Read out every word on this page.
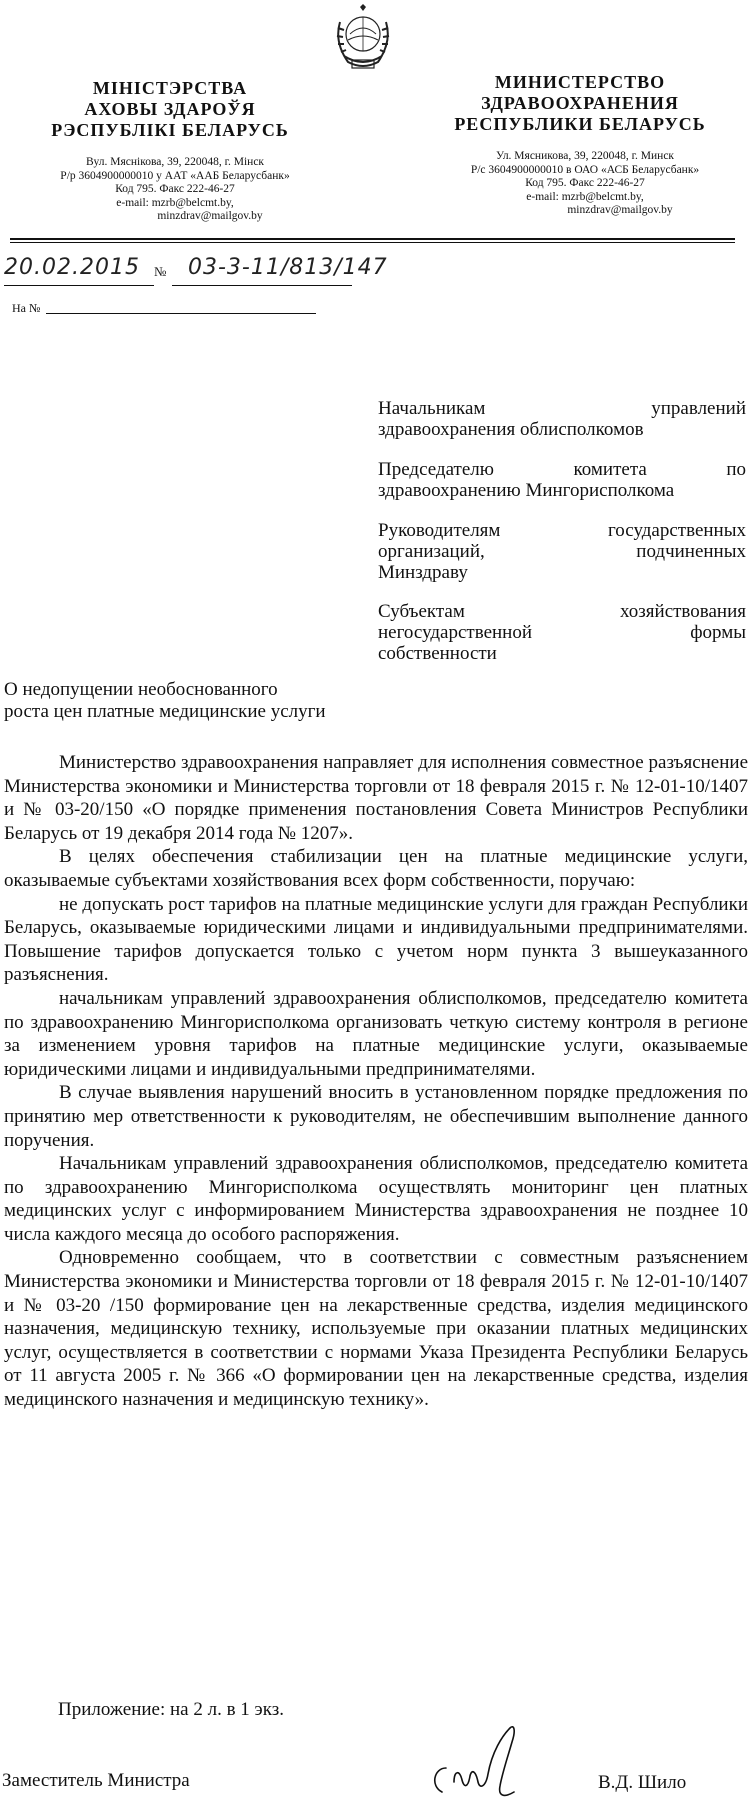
МІНІСТЭРСТВА
АХОВЫ ЗДАРОЎЯ
РЭСПУБЛІКІ БЕЛАРУСЬ
Вул. Мяснікова, 39, 220048, г. Мінск
Р/р 3604900000010 у ААТ «ААБ Беларусбанк»
Код 795. Факс 222-46-27
e-mail: mzrb@belcmt.by,
minzdrav@mailgov.by
МИНИСТЕРСТВО
ЗДРАВООХРАНЕНИЯ
РЕСПУБЛИКИ БЕЛАРУСЬ
Ул. Мясникова, 39, 220048, г. Минск
Р/с 3604900000010 в ОАО «АСБ Беларусбанк»
Код 795. Факс 222-46-27
e-mail: mzrb@belcmt.by,
minzdrav@mailgov.by
20.02.2015 № 03-3-11/813/147
На №
Начальникам	управлений
здравоохранения облисполкомов
Председателю	комитета	по
здравоохранению Мингорисполкома
Руководителям	государственных
организаций,	подчиненных
Минздраву
Субъектам	хозяйствования
негосударственной	формы
собственности
О недопущении необоснованного
роста цен платные медицинские услуги

Министерство здравоохранения направляет для исполнения совместное разъяснение Министерства экономики и Министерства торговли от 18 февраля 2015 г. № 12-01-10/1407 и № 03-20/150 «О порядке применения постановления Совета Министров Республики Беларусь от 19 декабря 2014 года № 1207».

В целях обеспечения стабилизации цен на платные медицинские услуги, оказываемые субъектами хозяйствования всех форм собственности, поручаю:

не допускать рост тарифов на платные медицинские услуги для граждан Республики Беларусь, оказываемые юридическими лицами и индивидуальными предпринимателями. Повышение тарифов допускается только с учетом норм пункта 3 вышеуказанного разъяснения.

начальникам управлений здравоохранения облисполкомов, председателю комитета по здравоохранению Мингорисполкома организовать четкую систему контроля в регионе за изменением уровня тарифов на платные медицинские услуги, оказываемые юридическими лицами и индивидуальными предпринимателями.

В случае выявления нарушений вносить в установленном порядке предложения по принятию мер ответственности к руководителям, не обеспечившим выполнение данного поручения.

Начальникам управлений здравоохранения облисполкомов, председателю комитета по здравоохранению Мингорисполкома осуществлять мониторинг цен платных медицинских услуг с информированием Министерства здравоохранения не позднее 10 числа каждого месяца до особого распоряжения.

Одновременно сообщаем, что в соответствии с совместным разъяснением Министерства экономики и Министерства торговли от 18 февраля 2015 г. № 12-01-10/1407 и № 03-20 /150 формирование цен на лекарственные средства, изделия медицинского назначения, медицинскую технику, используемые при оказании платных медицинских услуг, осуществляется в соответствии с нормами Указа Президента Республики Беларусь от 11 августа 2005 г. № 366 «О формировании цен на лекарственные средства, изделия медицинского назначения и медицинскую технику».

Приложение: на 2 л. в 1 экз.
Заместитель Министра	В.Д. Шило
